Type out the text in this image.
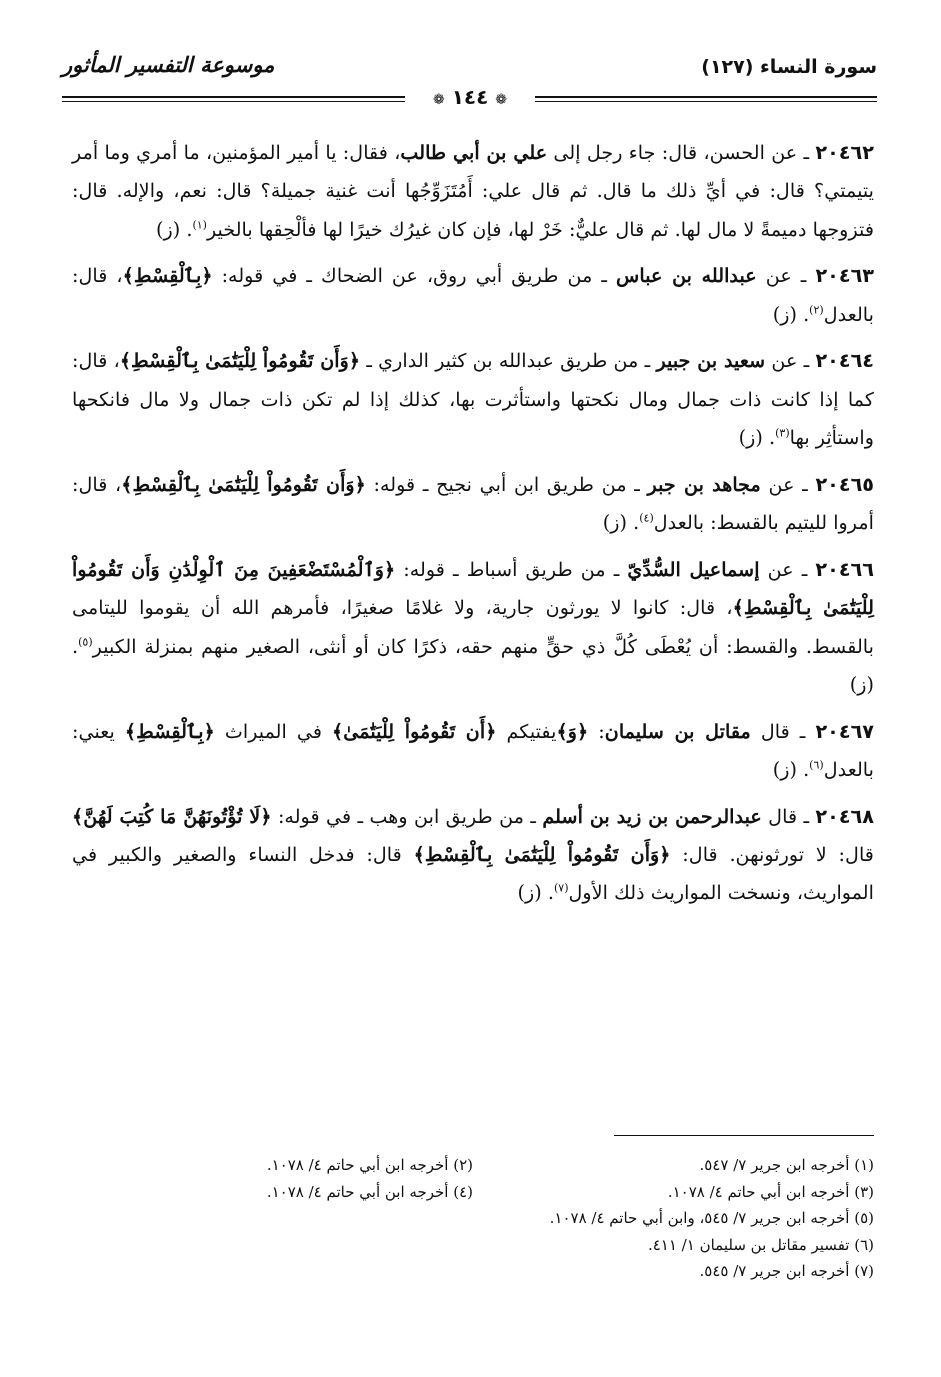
سورة النساء (١٢٧)
موسوعة التفسير المأثور
❁ ١٤٤ ❁

٢٠٤٦٢ ـ عن الحسن، قال: جاء رجل إلى علي بن أبي طالب، فقال: يا أمير المؤمنين، ما أمري وما أمر يتيمتي؟ قال: في أيِّ ذلك ما قال. ثم قال علي: أَمُتَزَوِّجُها أنت غنية جميلة؟ قال: نعم، والإله. قال: فتزوجها دميمةً لا مال لها. ثم قال عليٌّ: خَرْ لها، فإن كان غيرُك خيرًا لها فألْحِقها بالخير$^{(١)}$. (ز)

٢٠٤٦٣ ـ عن عبدالله بن عباس ـ من طريق أبي روق، عن الضحاك ـ في قوله: ﴿بِٱلْقِسْطِ﴾، قال: بالعدل$^{(٢)}$. (ز)

٢٠٤٦٤ ـ عن سعيد بن جبير ـ من طريق عبدالله بن كثير الداري ـ ﴿وَأَن تَقُومُواْ لِلْيَتَٰمَىٰ بِٱلْقِسْطِ﴾، قال: كما إذا كانت ذات جمال ومال نكحتها واستأثرت بها، كذلك إذا لم تكن ذات جمال ولا مال فانكحها واستأثِر بها$^{(٣)}$. (ز)

٢٠٤٦٥ ـ عن مجاهد بن جبر ـ من طريق ابن أبي نجيح ـ قوله: ﴿وَأَن تَقُومُواْ لِلْيَتَٰمَىٰ بِٱلْقِسْطِ﴾، قال: أمروا لليتيم بالقسط: بالعدل$^{(٤)}$. (ز)

٢٠٤٦٦ ـ عن إسماعيل السُّدِّيّ ـ من طريق أسباط ـ قوله: ﴿وَٱلْمُسْتَضْعَفِينَ مِنَ ٱلْوِلْدَٰنِ وَأَن تَقُومُواْ لِلْيَتَٰمَىٰ بِٱلْقِسْطِ﴾، قال: كانوا لا يورثون جارية، ولا غلامًا صغيرًا، فأمرهم الله أن يقوموا لليتامى بالقسط. والقسط: أن يُعْطَى كُلَّ ذي حقٍّ منهم حقه، ذكرًا كان أو أنثى، الصغير منهم بمنزلة الكبير$^{(٥)}$. (ز)

٢٠٤٦٧ ـ قال مقاتل بن سليمان: ﴿وَ﴾يفتيكم ﴿أَن تَقُومُواْ لِلْيَتَٰمَىٰ﴾ في الميراث ﴿بِٱلْقِسْطِ﴾ يعني: بالعدل$^{(٦)}$. (ز)

٢٠٤٦٨ ـ قال عبدالرحمن بن زيد بن أسلم ـ من طريق ابن وهب ـ في قوله: ﴿لَا تُؤْتُونَهُنَّ مَا كُتِبَ لَهُنَّ﴾ قال: لا تورثونهن. قال: ﴿وَأَن تَقُومُواْ لِلْيَتَٰمَىٰ بِٱلْقِسْطِ﴾ قال: فدخل النساء والصغير والكبير في المواريث، ونسخت المواريث ذلك الأول$^{(٧)}$. (ز)

(١) أخرجه ابن جرير ٧/ ٥٤٧.
(٢) أخرجه ابن أبي حاتم ٤/ ١٠٧٨.
(٣) أخرجه ابن أبي حاتم ٤/ ١٠٧٨.
(٤) أخرجه ابن أبي حاتم ٤/ ١٠٧٨.
(٥) أخرجه ابن جرير ٧/ ٥٤٥، وابن أبي حاتم ٤/ ١٠٧٨.
(٦) تفسير مقاتل بن سليمان ١/ ٤١١.
(٧) أخرجه ابن جرير ٧/ ٥٤٥.
